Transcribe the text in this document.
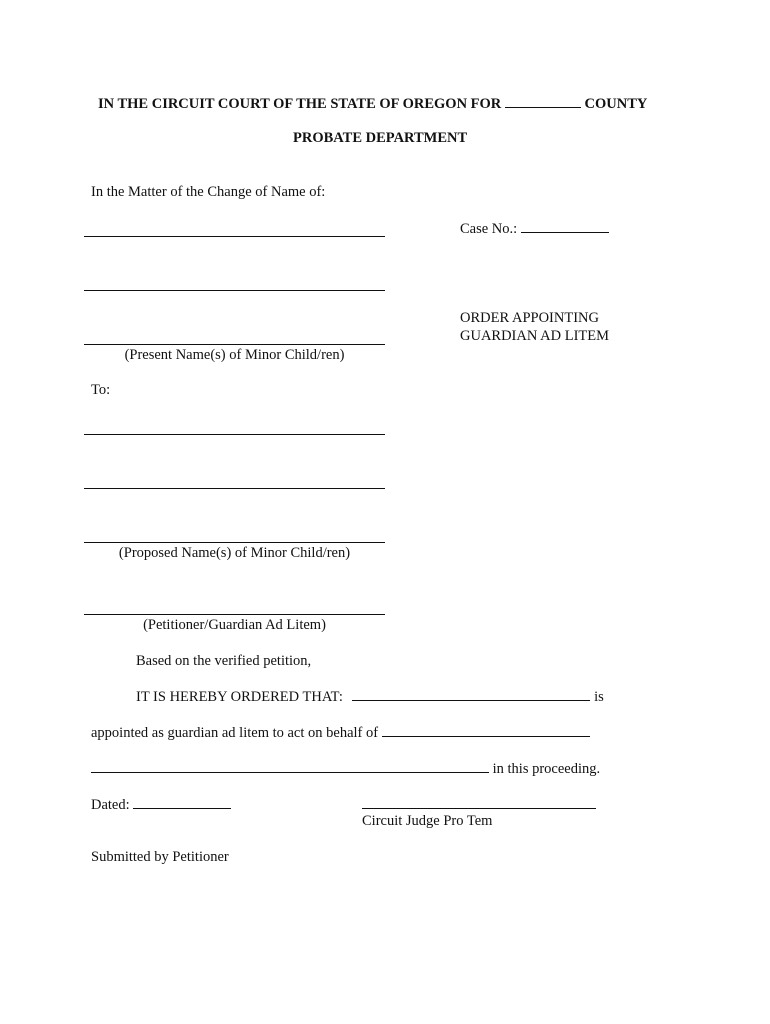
IN THE CIRCUIT COURT OF THE STATE OF OREGON FOR	COUNTY
PROBATE DEPARTMENT
In the Matter of the Change of Name of:
Case No.:
(Present Name(s) of Minor Child/ren)
ORDER APPOINTING
GUARDIAN AD LITEM
To:
(Proposed Name(s) of Minor Child/ren)
(Petitioner/Guardian Ad Litem)
Based on the verified petition,
IT IS HEREBY ORDERED THAT:	is
appointed as guardian ad litem to act on behalf of
in this proceeding.
Dated:
Circuit Judge Pro Tem
Submitted by Petitioner
